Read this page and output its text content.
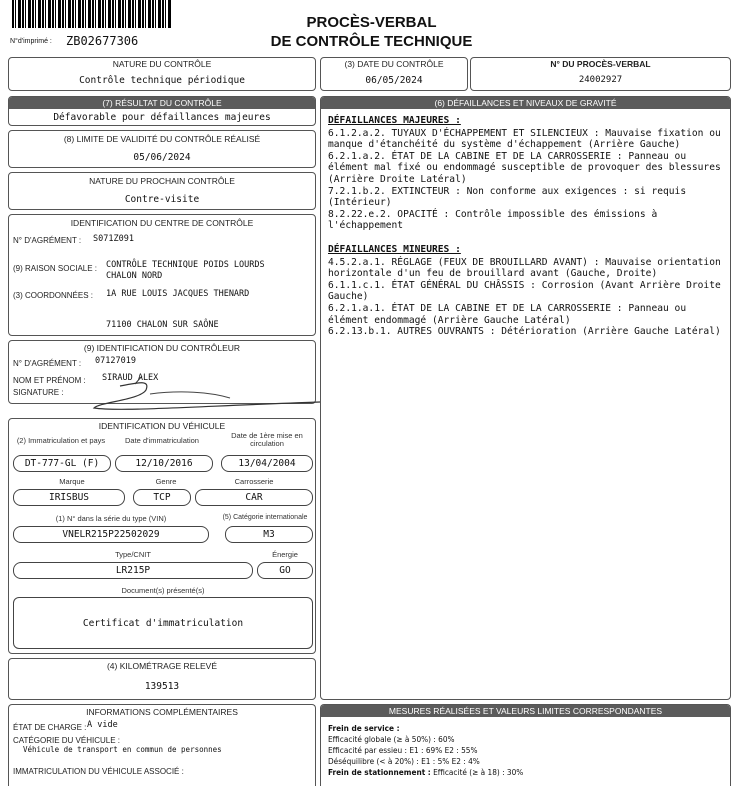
N°d'imprimé : ZB02677306
PROCÈS-VERBAL
DE CONTRÔLE TECHNIQUE
NATURE DU CONTRÔLE
Contrôle technique périodique
(3) DATE DU CONTRÔLE
06/05/2024
N° DU PROCÈS-VERBAL
24002927
(7) RÉSULTAT DU CONTRÔLE
Défavorable pour défaillances majeures
(8) LIMITE DE VALIDITÉ DU CONTRÔLE RÉALISÉ
05/06/2024
NATURE DU PROCHAIN CONTRÔLE
Contre-visite
IDENTIFICATION DU CENTRE DE CONTRÔLE
N° D'AGRÉMENT : S071Z091
(9) RAISON SOCIALE : CONTRÔLE TECHNIQUE POIDS LOURDS
CHALON NORD
(3) COORDONNÉES : 1A RUE LOUIS JACQUES THENARD
71100 CHALON SUR SAÔNE
(9) IDENTIFICATION DU CONTRÔLEUR
N° D'AGRÉMENT : 07127019
NOM ET PRÉNOM : SIRAUD ALEX
SIGNATURE :
IDENTIFICATION DU VÉHICULE
(2) Immatriculation et pays	Date d'immatriculation
Date de 1ère mise en circulation
DT-777-GL (F)	12/10/2016	13/04/2004
Marque	Genre	Carrosserie
IRISBUS	TCP	CAR
(1) N° dans la série du type (VIN)	(5) Catégorie internationale
VNELR215P22502029	M3
Type/CNIT	Énergie
LR215P	GO
Document(s) présenté(s)
Certificat d'immatriculation
(4) KILOMÉTRAGE RELEVÉ
139513
INFORMATIONS COMPLÉMENTAIRES
ÉTAT DE CHARGE : A vide
CATÉGORIE DU VÉHICULE :
Véhicule de transport en commun de personnes
IMMATRICULATION DU VÉHICULE ASSOCIÉ :
(6) DÉFAILLANCES ET NIVEAUX DE GRAVITÉ
DÉFAILLANCES MAJEURES :
6.1.2.a.2. TUYAUX D'ÉCHAPPEMENT ET SILENCIEUX : Mauvaise fixation ou manque d'étanchéité du système d'échappement (Arrière Gauche)
6.2.1.a.2. ÉTAT DE LA CABINE ET DE LA CARROSSERIE : Panneau ou élément mal fixé ou endommagé susceptible de provoquer des blessures (Arrière Droite Latéral)
7.2.1.b.2. EXTINCTEUR : Non conforme aux exigences : si requis (Intérieur)
8.2.22.e.2. OPACITÉ : Contrôle impossible des émissions à l'échappement
DÉFAILLANCES MINEURES :
4.5.2.a.1. RÉGLAGE (FEUX DE BROUILLARD AVANT) : Mauvaise orientation horizontale d'un feu de brouillard avant (Gauche, Droite)
6.1.1.c.1. ÉTAT GÉNÉRAL DU CHÂSSIS : Corrosion (Avant Arrière Droite Gauche)
6.2.1.a.1. ÉTAT DE LA CABINE ET DE LA CARROSSERIE : Panneau ou élément endommagé (Arrière Gauche Latéral)
6.2.13.b.1. AUTRES OUVRANTS : Détérioration (Arrière Gauche Latéral)
MESURES RÉALISÉES ET VALEURS LIMITES CORRESPONDANTES
Frein de service :
Efficacité globale (≥ à 50%) : 60%
Efficacité par essieu : E1 : 69% E2 : 55%
Déséquilibre (< à 20%) : E1 : 5% E2 : 4%
Frein de stationnement : Efficacité (≥ à 18) : 30%
